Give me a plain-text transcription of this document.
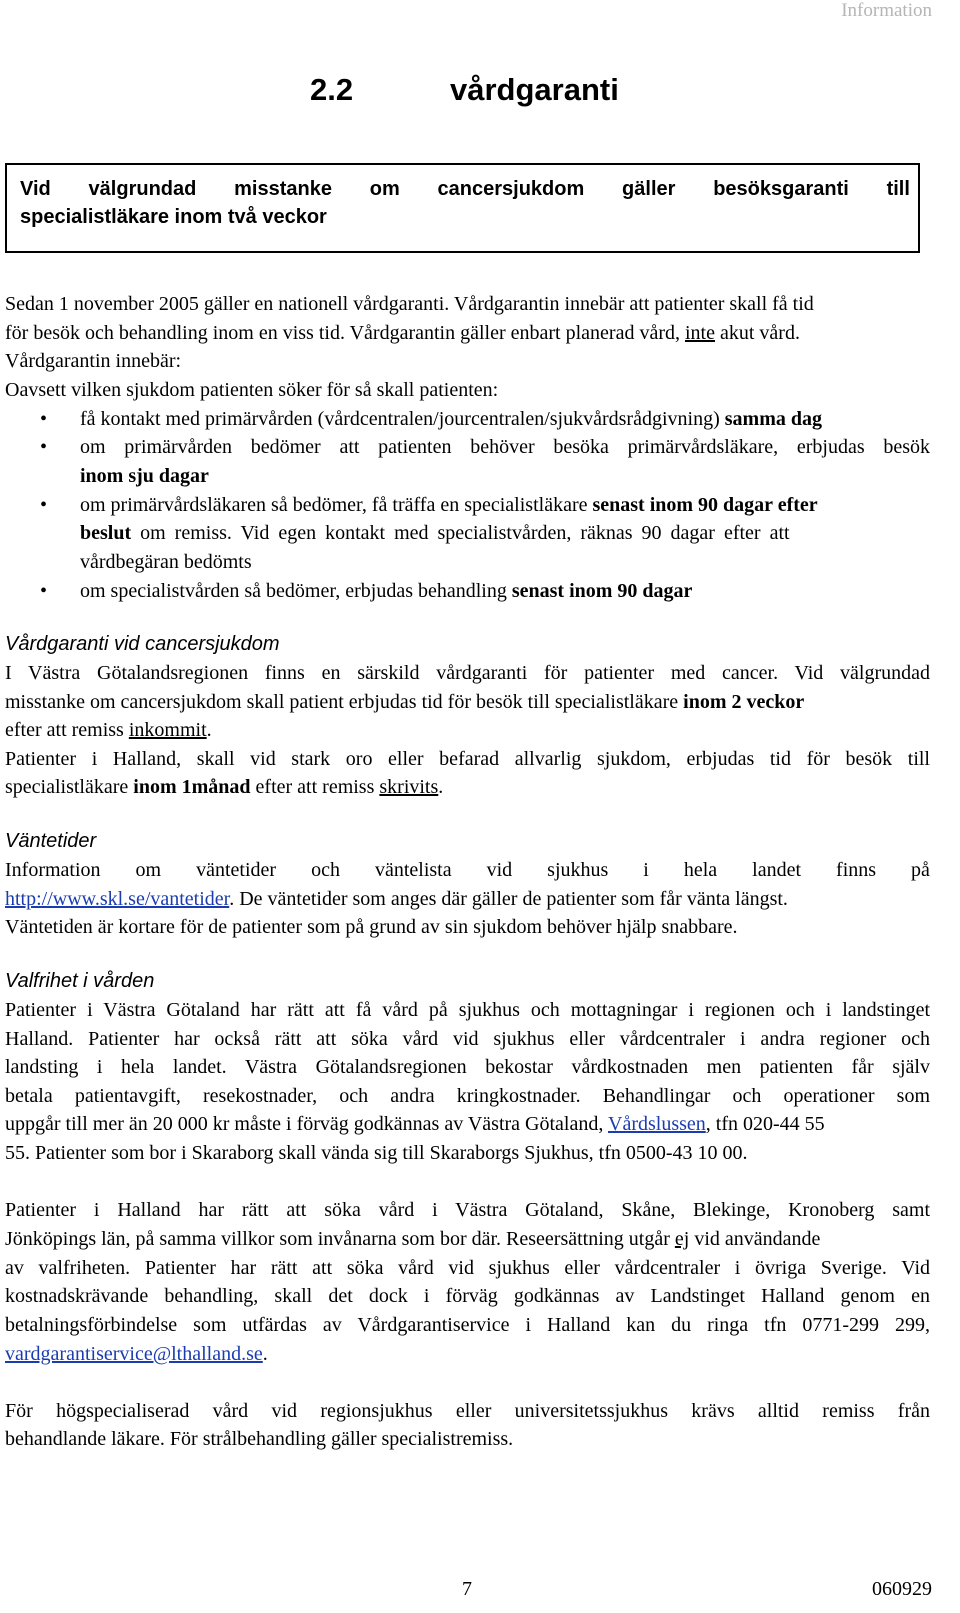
Information
2.2	vårdgaranti
Vid välgrundad misstanke om cancersjukdom gäller besöksgaranti till
specialistläkare inom två veckor
Sedan 1 november 2005 gäller en nationell vårdgaranti. Vårdgarantin innebär att patienter skall få tid
för besök och behandling inom en viss tid. Vårdgarantin gäller enbart planerad vård, inte akut vård.
Vårdgarantin innebär:
Oavsett vilken sjukdom patienten söker för så skall patienten:
• få kontakt med primärvården (vårdcentralen/jourcentralen/sjukvårdsrådgivning) samma dag
• om primärvården bedömer att patienten behöver besöka primärvårdsläkare, erbjudas besök
inom sju dagar
• om primärvårdsläkaren så bedömer, få träffa en specialistläkare senast inom 90 dagar efter
beslut om remiss. Vid egen kontakt med specialistvården, räknas 90 dagar efter att
vårdbegäran bedömts
• om specialistvården så bedömer, erbjudas behandling senast inom 90 dagar
Vårdgaranti vid cancersjukdom
I Västra Götalandsregionen finns en särskild vårdgaranti för patienter med cancer. Vid välgrundad
misstanke om cancersjukdom skall patient erbjudas tid för besök till specialistläkare inom 2 veckor
efter att remiss inkommit.
Patienter i Halland, skall vid stark oro eller befarad allvarlig sjukdom, erbjudas tid för besök till
specialistläkare inom 1månad efter att remiss skrivits.
Väntetider
Information om väntetider och väntelista vid sjukhus i hela landet finns på
http://www.skl.se/vantetider. De väntetider som anges där gäller de patienter som får vänta längst.
Väntetiden är kortare för de patienter som på grund av sin sjukdom behöver hjälp snabbare.
Valfrihet i vården
Patienter i Västra Götaland har rätt att få vård på sjukhus och mottagningar i regionen och i landstinget
Halland. Patienter har också rätt att söka vård vid sjukhus eller vårdcentraler i andra regioner och
landsting i hela landet. Västra Götalandsregionen bekostar vårdkostnaden men patienten får själv
betala patientavgift, resekostnader, och andra kringkostnader. Behandlingar och operationer som
uppgår till mer än 20 000 kr måste i förväg godkännas av Västra Götaland, Vårdslussen, tfn 020-44 55
55. Patienter som bor i Skaraborg skall vända sig till Skaraborgs Sjukhus, tfn 0500-43 10 00.
Patienter i Halland har rätt att söka vård i Västra Götaland, Skåne, Blekinge, Kronoberg samt
Jönköpings län, på samma villkor som invånarna som bor där. Reseersättning utgår ej vid användande
av valfriheten. Patienter har rätt att söka vård vid sjukhus eller vårdcentraler i övriga Sverige. Vid
kostnadskrävande behandling, skall det dock i förväg godkännas av Landstinget Halland genom en
betalningsförbindelse som utfärdas av Vårdgarantiservice i Halland kan du ringa tfn 0771-299 299,
vardgarantiservice@lthalland.se.
För högspecialiserad vård vid regionsjukhus eller universitetssjukhus krävs alltid remiss från
behandlande läkare. För strålbehandling gäller specialistremiss.
7	060929
